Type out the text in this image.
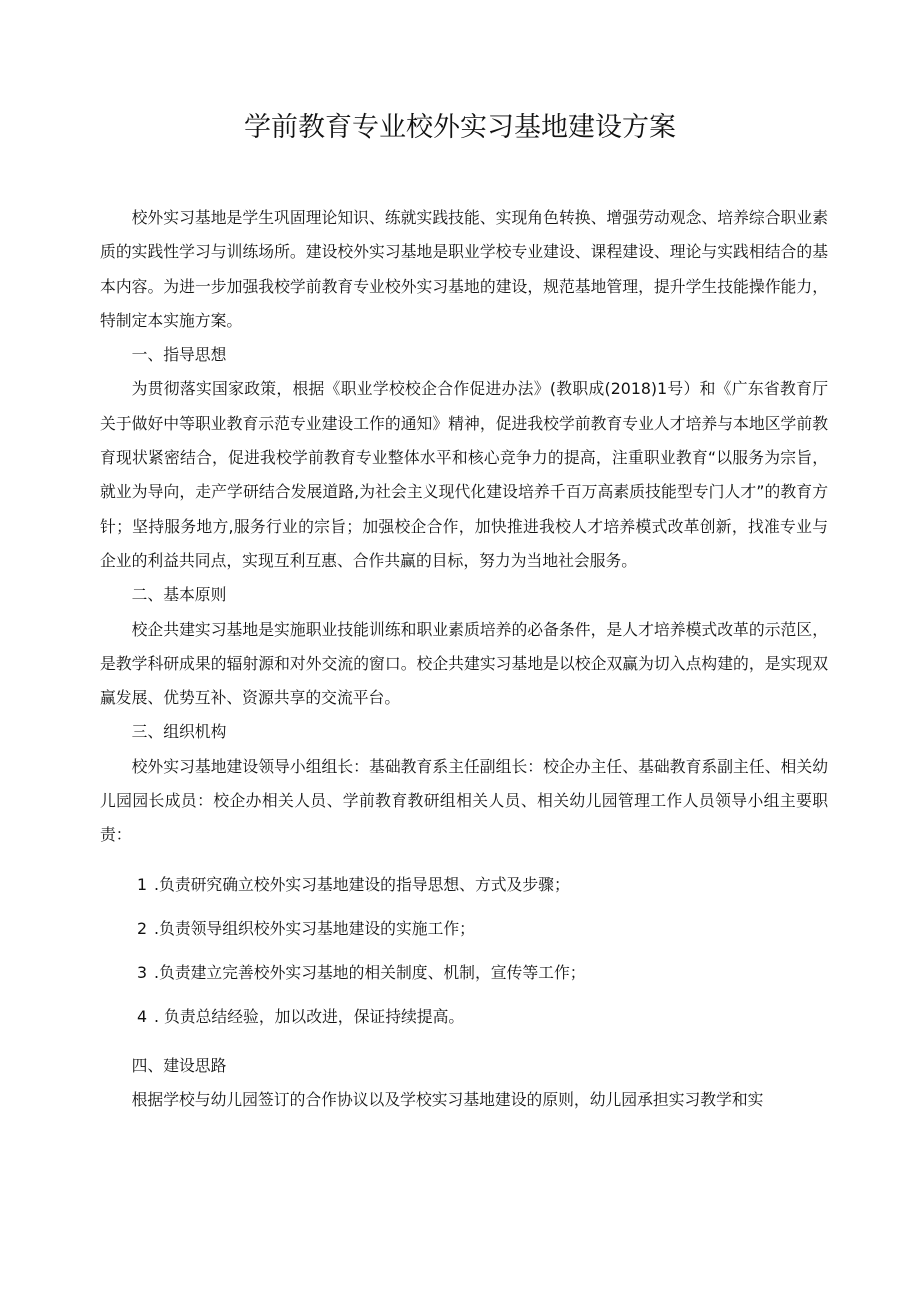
学前教育专业校外实习基地建设方案

校外实习基地是学生巩固理论知识、练就实践技能、实现角色转换、增强劳动观念、培养综合职业素质的实践性学习与训练场所。建设校外实习基地是职业学校专业建设、课程建设、理论与实践相结合的基本内容。为进一步加强我校学前教育专业校外实习基地的建设，规范基地管理，提升学生技能操作能力，特制定本实施方案。

一、指导思想

为贯彻落实国家政策，根据《职业学校校企合作促进办法》(教职成(2018)1号）和《广东省教育厅关于做好中等职业教育示范专业建设工作的通知》精神，促进我校学前教育专业人才培养与本地区学前教育现状紧密结合，促进我校学前教育专业整体水平和核心竞争力的提高，注重职业教育“以服务为宗旨，就业为导向，走产学研结合发展道路,为社会主义现代化建设培养千百万高素质技能型专门人才”的教育方针；坚持服务地方,服务行业的宗旨；加强校企合作，加快推进我校人才培养模式改革创新，找准专业与企业的利益共同点，实现互利互惠、合作共赢的目标，努力为当地社会服务。

二、基本原则

校企共建实习基地是实施职业技能训练和职业素质培养的必备条件，是人才培养模式改革的示范区，是教学科研成果的辐射源和对外交流的窗口。校企共建实习基地是以校企双赢为切入点构建的，是实现双赢发展、优势互补、资源共享的交流平台。

三、组织机构

校外实习基地建设领导小组组长：基础教育系主任副组长：校企办主任、基础教育系副主任、相关幼儿园园长成员：校企办相关人员、学前教育教研组相关人员、相关幼儿园管理工作人员领导小组主要职责：

1 .负责研究确立校外实习基地建设的指导思想、方式及步骤；

2 .负责领导组织校外实习基地建设的实施工作；

3 .负责建立完善校外实习基地的相关制度、机制，宣传等工作；

4 . 负责总结经验，加以改进，保证持续提高。

四、建设思路

根据学校与幼儿园签订的合作协议以及学校实习基地建设的原则，幼儿园承担实习教学和实
